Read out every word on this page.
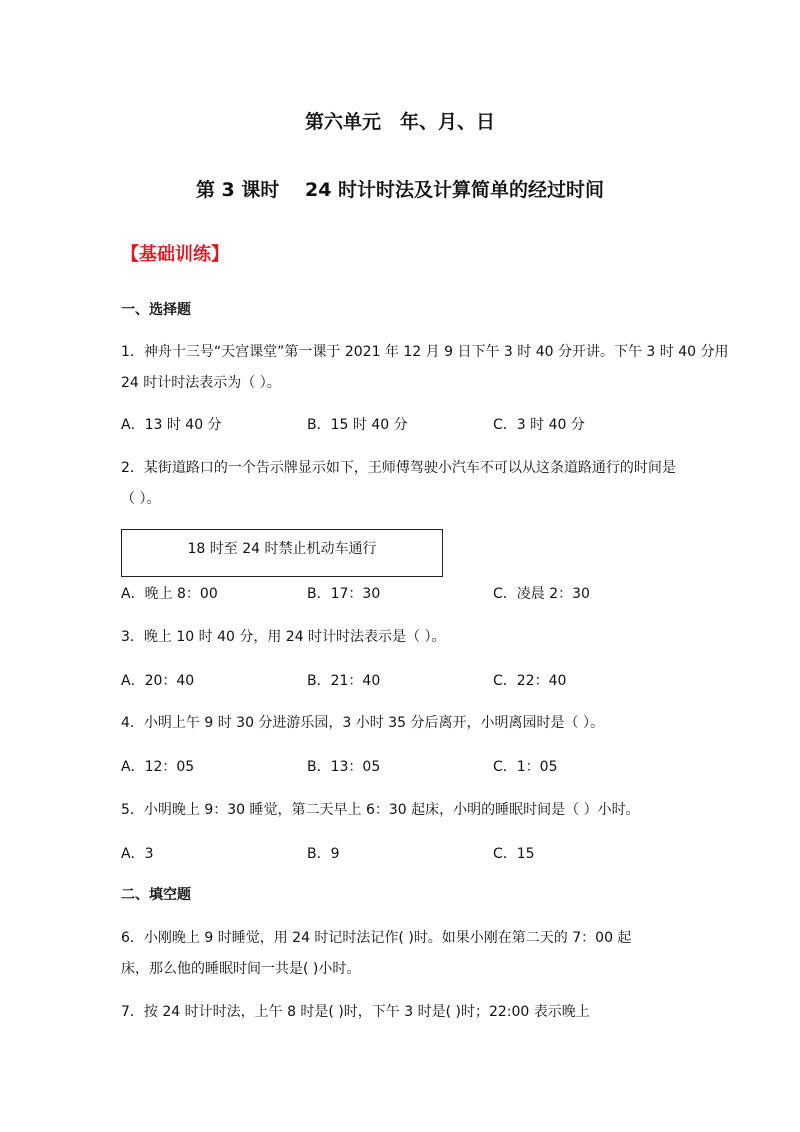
第六单元　年、月、日
第 3 课时　 24 时计时法及计算简单的经过时间
【基础训练】
一、选择题
1．神舟十三号“天宫课堂”第一课于 2021 年 12 月 9 日下午 3 时 40 分开讲。下午 3 时 40 分用
24 时计时法表示为（ ）。
A．13 时 40 分	B．15 时 40 分	C．3 时 40 分
2．某街道路口的一个告示牌显示如下，王师傅驾驶小汽车不可以从这条道路通行的时间是
（ ）。
18 时至 24 时禁止机动车通行
A．晚上 8：00	B．17：30	C．凌晨 2：30
3．晚上 10 时 40 分，用 24 时计时法表示是（ ）。
A．20：40	B．21：40	C．22：40
4．小明上午 9 时 30 分进游乐园，3 小时 35 分后离开，小明离园时是（ ）。
A．12：05	B．13：05	C．1：05
5．小明晚上 9：30 睡觉，第二天早上 6：30 起床，小明的睡眠时间是（ ）小时。
A．3	B．9	C．15
二、填空题
6．小刚晚上 9 时睡觉，用 24 时记时法记作( )时。如果小刚在第二天的 7：00 起
床，那么他的睡眠时间一共是( )小时。
7．按 24 时计时法，上午 8 时是( )时，下午 3 时是( )时；22:00 表示晚上
